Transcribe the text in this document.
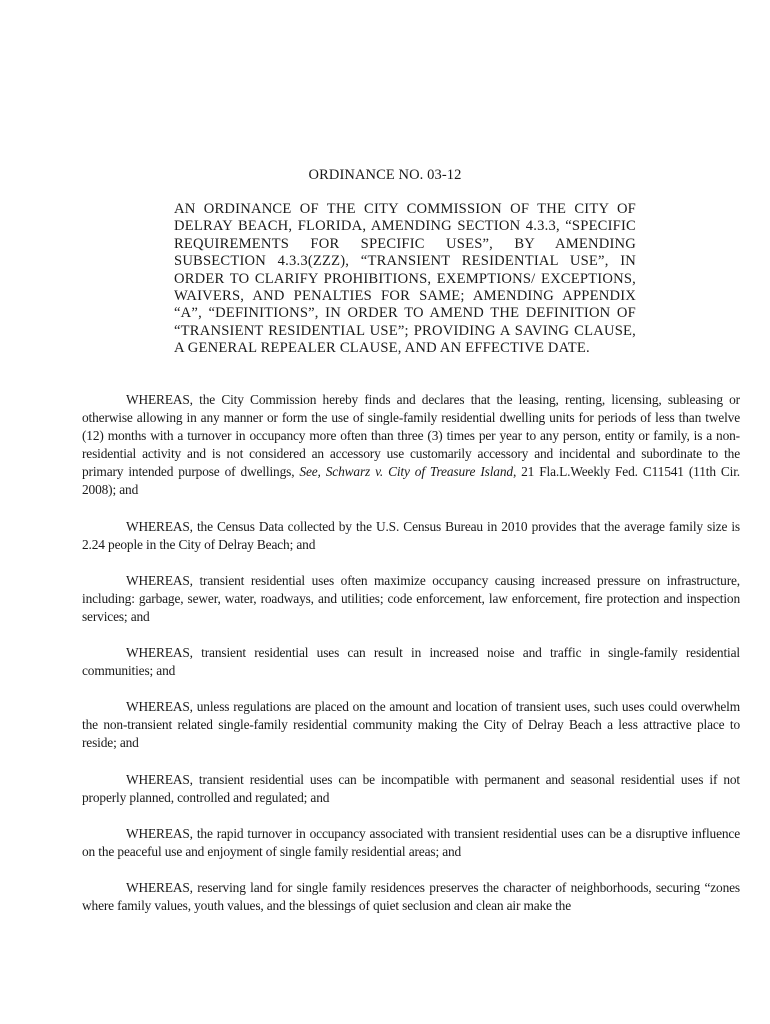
ORDINANCE NO. 03-12
AN ORDINANCE OF THE CITY COMMISSION OF THE CITY OF DELRAY BEACH, FLORIDA, AMENDING SECTION 4.3.3, “SPECIFIC REQUIREMENTS FOR SPECIFIC USES”, BY AMENDING SUBSECTION 4.3.3(ZZZ), “TRANSIENT RESIDENTIAL USE”, IN ORDER TO CLARIFY PROHIBITIONS, EXEMPTIONS/ EXCEPTIONS, WAIVERS, AND PENALTIES FOR SAME; AMENDING APPENDIX “A”, “DEFINITIONS”, IN ORDER TO AMEND THE DEFINITION OF “TRANSIENT RESIDENTIAL USE”; PROVIDING A SAVING CLAUSE, A GENERAL REPEALER CLAUSE, AND AN EFFECTIVE DATE.

WHEREAS, the City Commission hereby finds and declares that the leasing, renting, licensing, subleasing or otherwise allowing in any manner or form the use of single-family residential dwelling units for periods of less than twelve (12) months with a turnover in occupancy more often than three (3) times per year to any person, entity or family, is a non-residential activity and is not considered an accessory use customarily accessory and incidental and subordinate to the primary intended purpose of dwellings, See, Schwarz v. City of Treasure Island, 21 Fla.L.Weekly Fed. C11541 (11th Cir. 2008); and

WHEREAS, the Census Data collected by the U.S. Census Bureau in 2010 provides that the average family size is 2.24 people in the City of Delray Beach; and

WHEREAS, transient residential uses often maximize occupancy causing increased pressure on infrastructure, including: garbage, sewer, water, roadways, and utilities; code enforcement, law enforcement, fire protection and inspection services; and

WHEREAS, transient residential uses can result in increased noise and traffic in single-family residential communities; and

WHEREAS, unless regulations are placed on the amount and location of transient uses, such uses could overwhelm the non-transient related single-family residential community making the City of Delray Beach a less attractive place to reside; and

WHEREAS, transient residential uses can be incompatible with permanent and seasonal residential uses if not properly planned, controlled and regulated; and

WHEREAS, the rapid turnover in occupancy associated with transient residential uses can be a disruptive influence on the peaceful use and enjoyment of single family residential areas; and

WHEREAS, reserving land for single family residences preserves the character of neighborhoods, securing “zones where family values, youth values, and the blessings of quiet seclusion and clean air make the
